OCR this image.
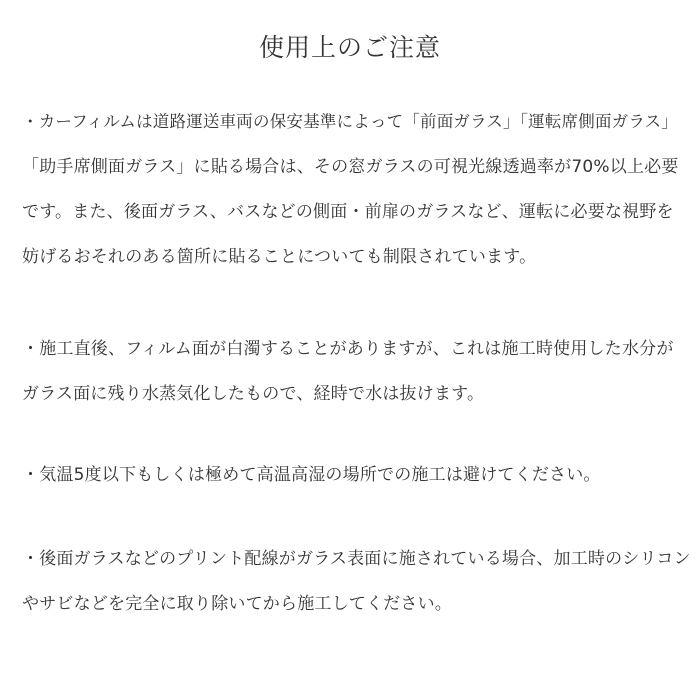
使用上のご注意
・カーフィルムは道路運送車両の保安基準によって「前面ガラス」「運転席側面ガラス」
「助手席側面ガラス」に貼る場合は、その窓ガラスの可視光線透過率が70%以上必要
です。また、後面ガラス、バスなどの側面・前扉のガラスなど、運転に必要な視野を
妨げるおそれのある箇所に貼ることについても制限されています。
・施工直後、フィルム面が白濁することがありますが、これは施工時使用した水分が
ガラス面に残り水蒸気化したもので、経時で水は抜けます。
・気温5度以下もしくは極めて高温高湿の場所での施工は避けてください。
・後面ガラスなどのプリント配線がガラス表面に施されている場合、加工時のシリコン
やサビなどを完全に取り除いてから施工してください。
